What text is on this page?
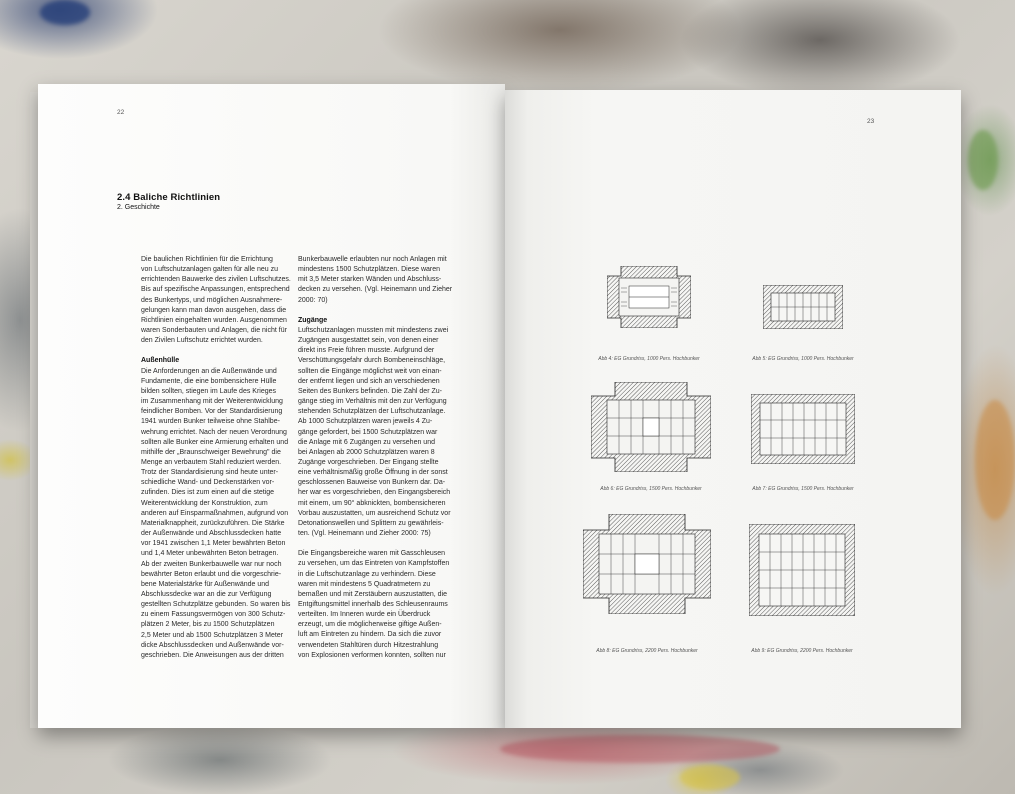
22
2.4 Baliche Richtlinien
2. Geschichte

Die baulichen Richtlinien für die Errichtung

von Luftschutzanlagen galten für alle neu zu

errichtenden Bauwerke des zivilen Luftschutzes.

Bis auf spezifische Anpassungen, entsprechend

des Bunkertyps, und möglichen Ausnahmere-

gelungen kann man davon ausgehen, dass die

Richtlinien eingehalten wurden. Ausgenommen

waren Sonderbauten und Anlagen, die nicht für

den Zivilen Luftschutz errichtet wurden.

Außenhülle

Die Anforderungen an die Außenwände und

Fundamente, die eine bombensichere Hülle

bilden sollten, stiegen im Laufe des Krieges

im Zusammenhang mit der Weiterentwicklung

feindlicher Bomben. Vor der Standardisierung

1941 wurden Bunker teilweise ohne Stahlbe-

wehrung errichtet. Nach der neuen Verordnung

sollten alle Bunker eine Armierung erhalten und

mithilfe der „Braunschweiger Bewehrung" die

Menge an verbautem Stahl reduziert werden.

Trotz der Standardisierung sind heute unter-

schiedliche Wand- und Deckenstärken vor-

zufinden. Dies ist zum einen auf die stetige

Weiterentwicklung der Konstruktion, zum

anderen auf Einsparmaßnahmen, aufgrund von

Materialknappheit, zurückzuführen. Die Stärke

der Außenwände und Abschlussdecken hatte

vor 1941 zwischen 1,1 Meter bewährten Beton

und 1,4 Meter unbewährten Beton betragen.

Ab der zweiten Bunkerbauwelle war nur noch

bewährter Beton erlaubt und die vorgeschrie-

bene Materialstärke für Außenwände und

Abschlussdecke war an die zur Verfügung

gestellten Schutzplätze gebunden. So waren bis

zu einem Fassungsvermögen von 300 Schutz-

plätzen 2 Meter, bis zu 1500 Schutzplätzen

2,5 Meter und ab 1500 Schutzplätzen 3 Meter

dicke Abschlussdecken und Außenwände vor-

geschrieben. Die Anweisungen aus der dritten

Bunkerbauwelle erlaubten nur noch Anlagen mit

mindestens 1500 Schutzplätzen. Diese waren

mit 3,5 Meter starken Wänden und Abschluss-

decken zu versehen. (Vgl. Heinemann und Zieher

2000: 70)

Zugänge

Luftschutzanlagen mussten mit mindestens zwei

Zugängen ausgestattet sein, von denen einer

direkt ins Freie führen musste. Aufgrund der

Verschüttungsgefahr durch Bombeneinschläge,

sollten die Eingänge möglichst weit von einan-

der entfernt liegen und sich an verschiedenen

Seiten des Bunkers befinden. Die Zahl der Zu-

gänge stieg im Verhältnis mit den zur Verfügung

stehenden Schutzplätzen der Luftschutzanlage.

Ab 1000 Schutzplätzen waren jeweils 4 Zu-

gänge gefordert, bei 1500 Schutzplätzen war

die Anlage mit 6 Zugängen zu versehen und

bei Anlagen ab 2000 Schutzplätzen waren 8

Zugänge vorgeschrieben. Der Eingang stellte

eine verhältnismäßig große Öffnung in der sonst

geschlossenen Bauweise von Bunkern dar. Da-

her war es vorgeschrieben, den Eingangsbereich

mit einem, um 90° abknickten, bombensicheren

Vorbau auszustatten, um ausreichend Schutz vor

Detonationswellen und Splittern zu gewährleis-

ten. (Vgl. Heinemann und Zieher 2000: 75)

Die Eingangsbereiche waren mit Gasschleusen

zu versehen, um das Eintreten von Kampfstoffen

in die Luftschutzanlage zu verhindern. Diese

waren mit mindestens 5 Quadratmetern zu

bemaßen und mit Zerstäubern auszustatten, die

Entgiftungsmittel innerhalb des Schleusenraums

verteilten. Im Inneren wurde ein Überdruck

erzeugt, um die möglicherweise giftige Außen-

luft am Eintreten zu hindern. Da sich die zuvor

verwendeten Stahltüren durch Hitzestrahlung

von Explosionen verformen konnten, sollten nur

23
Abb 4: EG Grundriss, 1000 Pers. Hochbunker	Abb 5: EG Grundriss, 1000 Pers. Hochbunker
Abb 6: EG Grundriss, 1500 Pers. Hochbunker	Abb 7: EG Grundriss, 1500 Pers. Hochbunker
Abb 8: EG Grundriss, 2200 Pers. Hochbunker	Abb 9: EG Grundriss, 2200 Pers. Hochbunker
